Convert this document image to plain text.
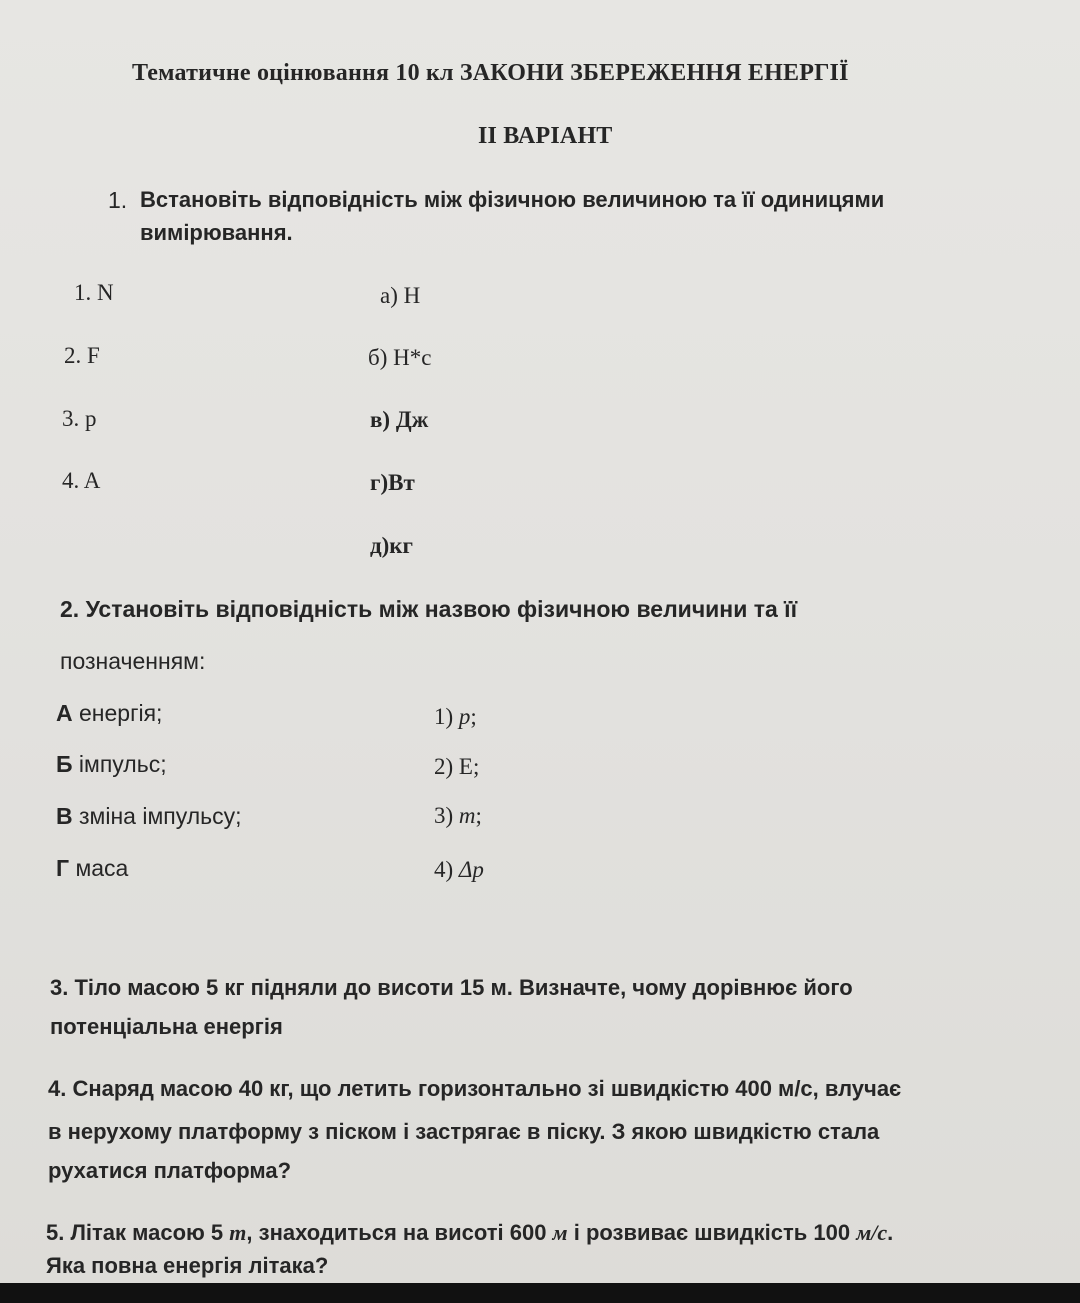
Тематичне оцінювання 10 кл ЗАКОНИ ЗБЕРЕЖЕННЯ ЕНЕРГІЇ
ІІ ВАРІАНТ
1. Встановіть відповідність між фізичною величиною та її одиницями
вимірювання.
1. N
2. F
3. p
4. A
а) Н
б) Н*с
в) Дж
г)Вт
д)кг
2. Установіть відповідність між назвою фізичною величини та її
позначенням:
А енергія;
Б імпульс;
В зміна імпульсу;
Г маса
1) p;
2) E;
3) m;
4) Δp
3. Тіло масою 5 кг підняли до висоти 15 м. Визначте, чому дорівнює його
потенціальна енергія
4. Снаряд масою 40 кг, що летить горизонтально зі швидкістю 400 м/с, влучає
в нерухому платформу з піском і застрягає в піску. З якою швидкістю стала
рухатися платформа?
5. Літак масою 5 т, знаходиться на висоті 600 м і розвиває швидкість 100 м/с.
Яка повна енергія літака?
